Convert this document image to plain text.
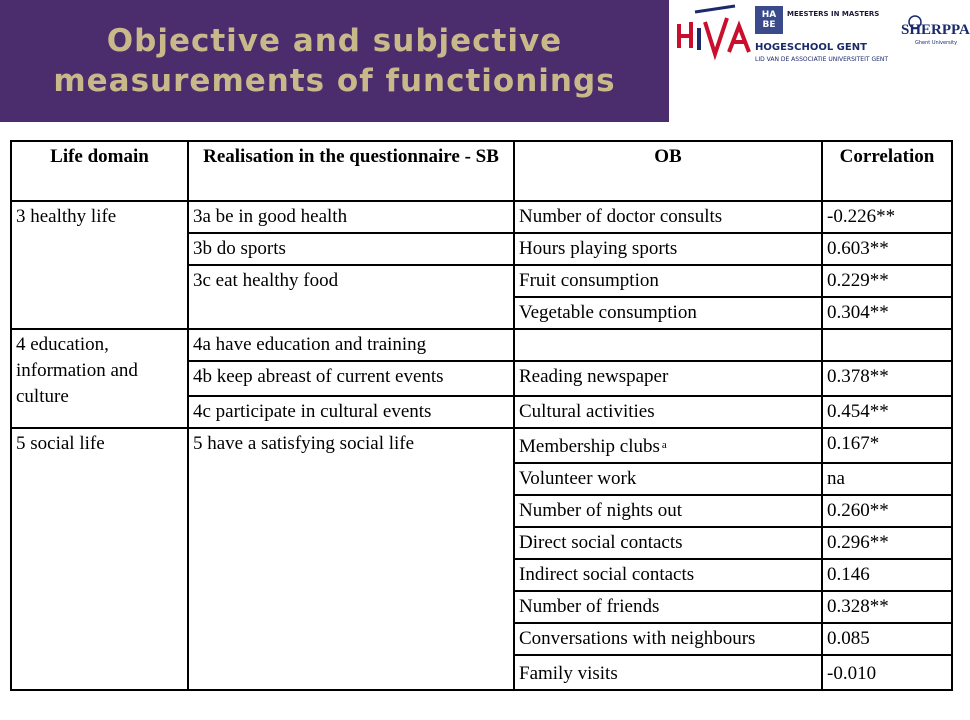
Objective and subjective
measurements of functionings
HA BE
MEESTERS IN MASTERS
HOGESCHOOL GENT
LID VAN DE ASSOCIATIE UNIVERSITEIT GENT
SHERPPA
Ghent University
Life domain	Realisation in the questionnaire - SB	OB	Correlation
3 healthy life	3a be in good health	Number of doctor consults	-0.226**
	3b do sports	Hours playing sports	0.603**
	3c eat healthy food	Fruit consumption	0.229**
		Vegetable consumption	0.304**
4 education, information and culture	4a have education and training		
	4b keep abreast of current events	Reading newspaper	0.378**
	4c participate in cultural events	Cultural activities	0.454**
5 social life	5 have a satisfying social life	Membership clubs $^a$	0.167*
		Volunteer work	na
		Number of nights out	0.260**
		Direct social contacts	0.296**
		Indirect social contacts	0.146
		Number of friends	0.328**
		Conversations with neighbours	0.085
		Family visits	-0.010
